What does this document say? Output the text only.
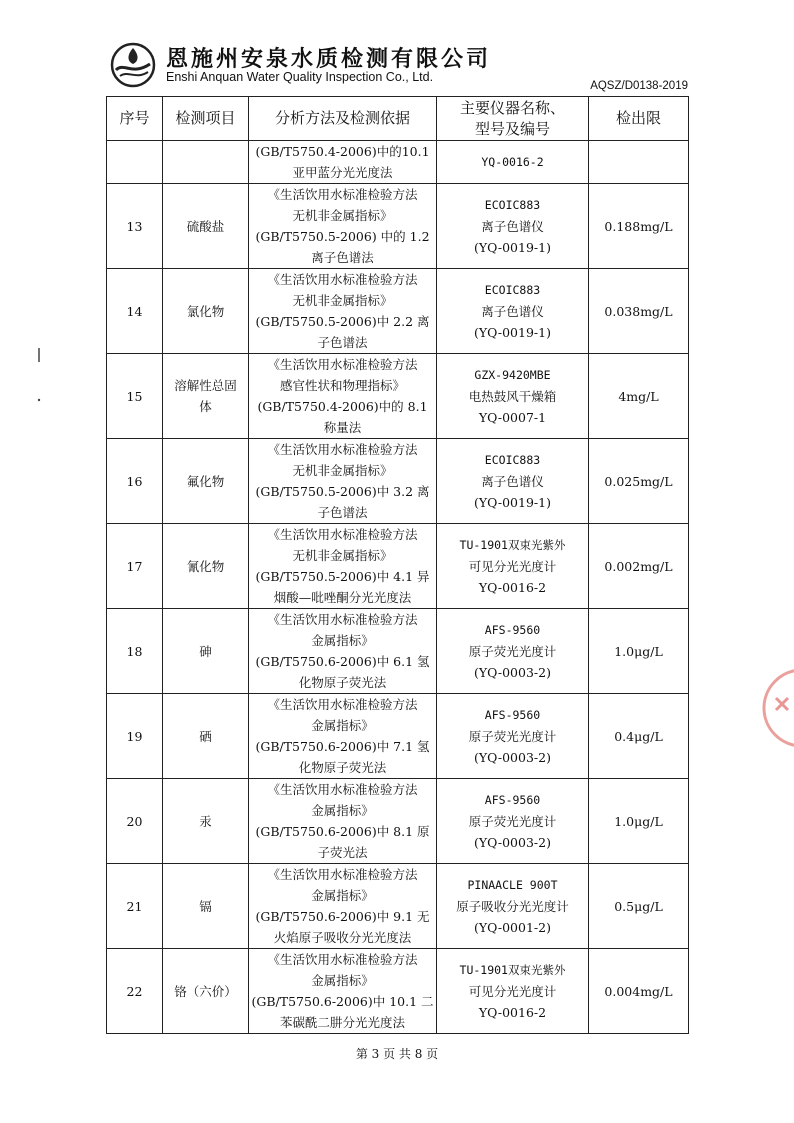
恩施州安泉水质检测有限公司
Enshi Anquan Water Quality Inspection Co., Ltd.
AQSZ/D0138-2019
序号	检测项目	分析方法及检测依据	主要仪器名称、
型号及编号	检出限

		(GB/T5750.4-2006)中的10.1
亚甲蓝分光光度法	YQ-0016-2	

13	硫酸盐	《生活饮用水标准检验方法
无机非金属指标》
(GB/T5750.5-2006) 中的 1.2
离子色谱法	ECOIC883
离子色谱仪
(YQ-0019-1)	0.188mg/L
14	氯化物	《生活饮用水标准检验方法
无机非金属指标》
(GB/T5750.5-2006)中 2.2 离
子色谱法	ECOIC883
离子色谱仪
(YQ-0019-1)	0.038mg/L
15	溶解性总固
体	《生活饮用水标准检验方法
感官性状和物理指标》
(GB/T5750.4-2006)中的 8.1
称量法	GZX-9420MBE
电热鼓风干燥箱
YQ-0007-1	4mg/L
16	氟化物	《生活饮用水标准检验方法
无机非金属指标》
(GB/T5750.5-2006)中 3.2 离
子色谱法	ECOIC883
离子色谱仪
(YQ-0019-1)	0.025mg/L
17	氰化物	《生活饮用水标准检验方法
无机非金属指标》
(GB/T5750.5-2006)中 4.1 异
烟酸—吡唑酮分光光度法	TU-1901双束光紫外
可见分光光度计
YQ-0016-2	0.002mg/L
18	砷	《生活饮用水标准检验方法
金属指标》
(GB/T5750.6-2006)中 6.1 氢
化物原子荧光法	AFS-9560
原子荧光光度计
(YQ-0003-2)	1.0μg/L
19	硒	《生活饮用水标准检验方法
金属指标》
(GB/T5750.6-2006)中 7.1 氢
化物原子荧光法	AFS-9560
原子荧光光度计
(YQ-0003-2)	0.4μg/L
20	汞	《生活饮用水标准检验方法
金属指标》
(GB/T5750.6-2006)中 8.1 原
子荧光法	AFS-9560
原子荧光光度计
(YQ-0003-2)	1.0μg/L
21	镉	《生活饮用水标准检验方法
金属指标》
(GB/T5750.6-2006)中 9.1 无
火焰原子吸收分光光度法	PINAACLE 900T
原子吸收分光光度计
(YQ-0001-2)	0.5μg/L
22	铬（六价）	《生活饮用水标准检验方法
金属指标》
(GB/T5750.6-2006)中 10.1 二
苯碳酰二肼分光光度法	TU-1901双束光紫外
可见分光光度计
YQ-0016-2	0.004mg/L
第 3 页 共 8 页
